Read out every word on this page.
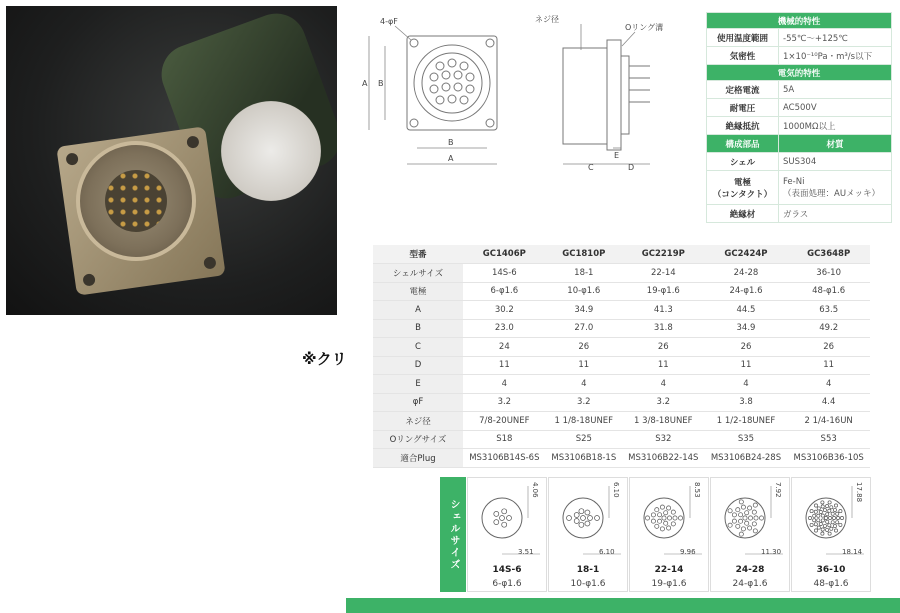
※クリ
4-φF
A B
B
A
ネジ径
Oリング溝
C	D
E
機械的特性	
使用温度範囲	-55℃～+125℃
気密性	1×10⁻¹⁰Pa・m³/s以下
電気的特性	
定格電流	5A
耐電圧	AC500V
絶縁抵抗	1000MΩ以上
構成部品	材質
シェル	SUS304
電極
（コンタクト）	Fe-Ni
（表面処理：AUメッキ）
絶縁材	ガラス
型番	GC1406P	GC1810P	GC2219P	GC2424P	GC3648P
シェルサイズ	14S-6	18-1	22-14	24-28	36-10
電極	6-φ1.6	10-φ1.6	19-φ1.6	24-φ1.6	48-φ1.6
A	30.2	34.9	41.3	44.5	63.5
B	23.0	27.0	31.8	34.9	49.2
C	24	26	26	26	26
D	11	11	11	11	11
E	4	4	4	4	4
φF	3.2	3.2	3.2	3.8	4.4
ネジ径	7/8-20UNEF	1 1/8-18UNEF	1 3/8-18UNEF	1 1/2-18UNEF	2 1/4-16UN
Oリングサイズ	S18	S25	S32	S35	S53
適合Plug	MS3106B14S-6S	MS3106B18-1S	MS3106B22-14S	MS3106B24-28S	MS3106B36-10S
シェルサイズ
4.06
3.51
14S-6
6-φ1.6
6.10
6.10
18-1
10-φ1.6
8.53
9.96
22-14
19-φ1.6
7.92
11.30
24-28
24-φ1.6
17.88
18.14
36-10
48-φ1.6
